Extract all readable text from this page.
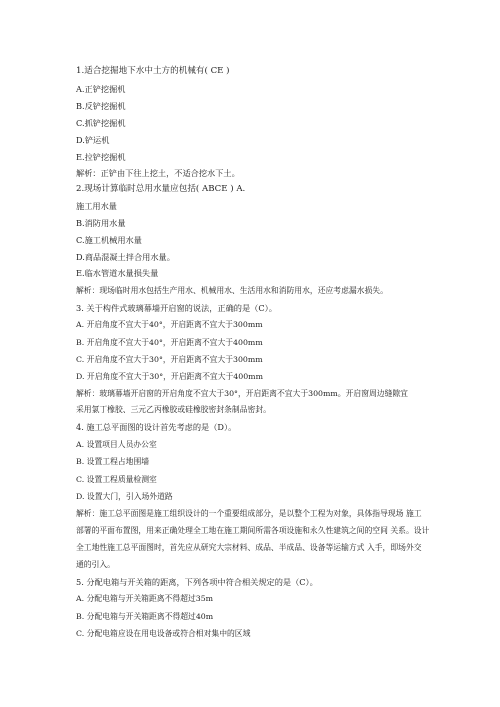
1.适合挖掘地下水中土方的机械有( CE )
A.正铲挖掘机
B.反铲挖掘机
C.抓铲挖掘机
D.铲运机
E.拉铲挖掘机
解析：正铲由下往上挖土，不适合挖水下土。
2.现场计算临时总用水量应包括( ABCE ) A.
施工用水量
B.消防用水量
C.施工机械用水量
D.商品混凝土拌合用水量。
E.临水管道水量损失量
解析：现场临时用水包括生产用水、机械用水、生活用水和消防用水，还应考虑漏水损失。
3. 关于构件式玻璃幕墙开启窗的说法，正确的是（C）。
A. 开启角度不宜大于40°，开启距离不宜大于300mm
B. 开启角度不宜大于40°，开启距离不宜大于400mm
C. 开启角度不宜大于30°，开启距离不宜大于300mm
D. 开启角度不宜大于30°，开启距离不宜大于400mm
解析：玻璃幕墙开启窗的开启角度不宜大于30°，开启距离不宜大于300mm。开启窗周边缝隙宜
采用氯丁橡胶、三元乙丙橡胶或硅橡胶密封条制品密封。
4. 施工总平面图的设计首先考虑的是（D）。
A. 设置项目人员办公室
B. 设置工程占地围墙
C. 设置工程质量检测室
D. 设置大门，引入场外道路
解析：施工总平面图是施工组织设计的一个重要组成部分，是以整个工程为对象，具体指导现场 施工
部署的平面布置图，用来正确处理全工地在施工期间所需各项设施和永久性建筑之间的空间 关系。设计
全工地性施工总平面图时，首先应从研究大宗材料、成品、半成品、设备等运输方式 入手，即场外交
通的引入。
5. 分配电箱与开关箱的距离，下列各项中符合相关规定的是（C）。
A. 分配电箱与开关箱距离不得超过35m
B. 分配电箱与开关箱距离不得超过40m
C. 分配电箱应设在用电设备或符合相对集中的区域
